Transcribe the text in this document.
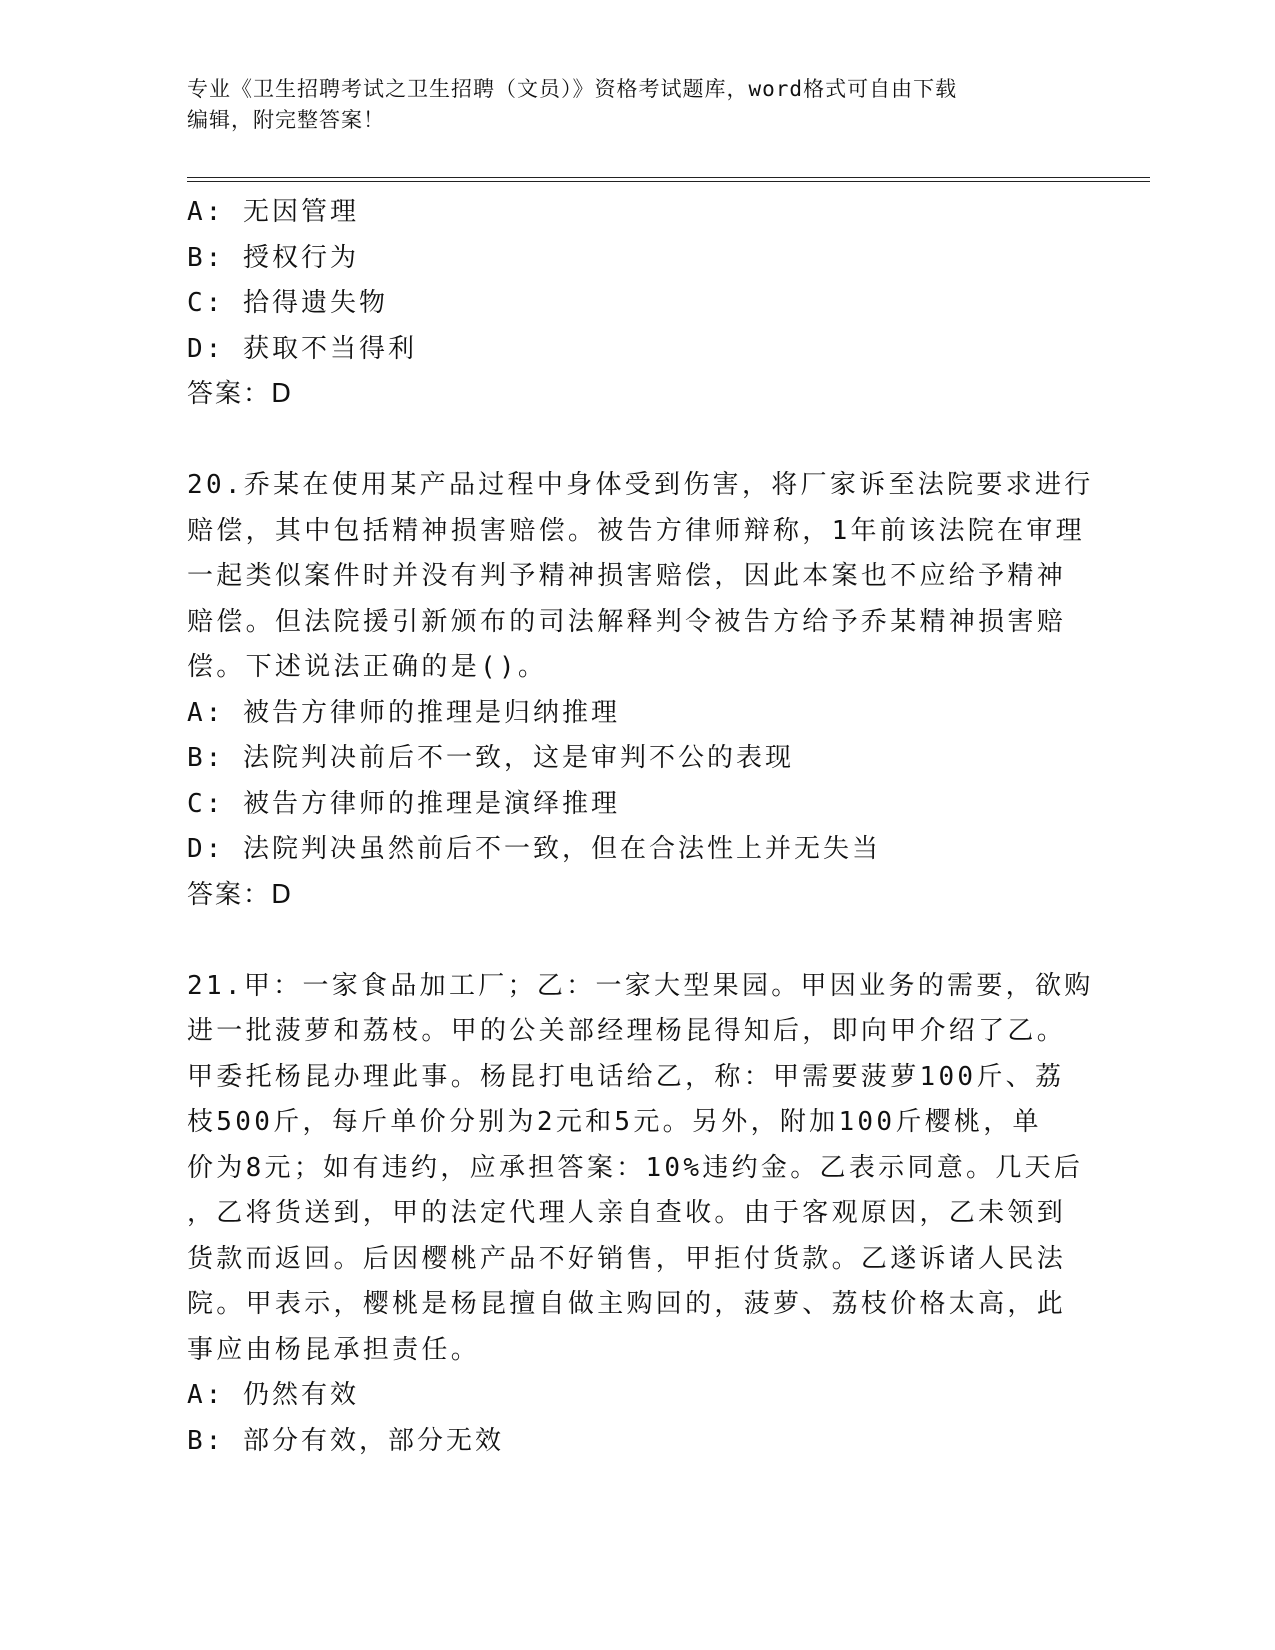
专业《卫生招聘考试之卫生招聘（文员）》资格考试题库，word格式可自由下载
编辑，附完整答案！
A: 无因管理
B: 授权行为
C: 拾得遗失物
D: 获取不当得利
答案：D
20.乔某在使用某产品过程中身体受到伤害，将厂家诉至法院要求进行
赔偿，其中包括精神损害赔偿。被告方律师辩称，1年前该法院在审理
一起类似案件时并没有判予精神损害赔偿，因此本案也不应给予精神
赔偿。但法院援引新颁布的司法解释判令被告方给予乔某精神损害赔
偿。下述说法正确的是()。
A: 被告方律师的推理是归纳推理
B: 法院判决前后不一致，这是审判不公的表现
C: 被告方律师的推理是演绎推理
D: 法院判决虽然前后不一致，但在合法性上并无失当
答案：D
21.甲：一家食品加工厂；乙：一家大型果园。甲因业务的需要，欲购
进一批菠萝和荔枝。甲的公关部经理杨昆得知后，即向甲介绍了乙。
甲委托杨昆办理此事。杨昆打电话给乙，称：甲需要菠萝100斤、荔
枝500斤，每斤单价分别为2元和5元。另外，附加100斤樱桃，单
价为8元；如有违约，应承担答案：10%违约金。乙表示同意。几天后
，乙将货送到，甲的法定代理人亲自查收。由于客观原因，乙未领到
货款而返回。后因樱桃产品不好销售，甲拒付货款。乙遂诉诸人民法
院。甲表示，樱桃是杨昆擅自做主购回的，菠萝、荔枝价格太高，此
事应由杨昆承担责任。
A: 仍然有效
B: 部分有效，部分无效
